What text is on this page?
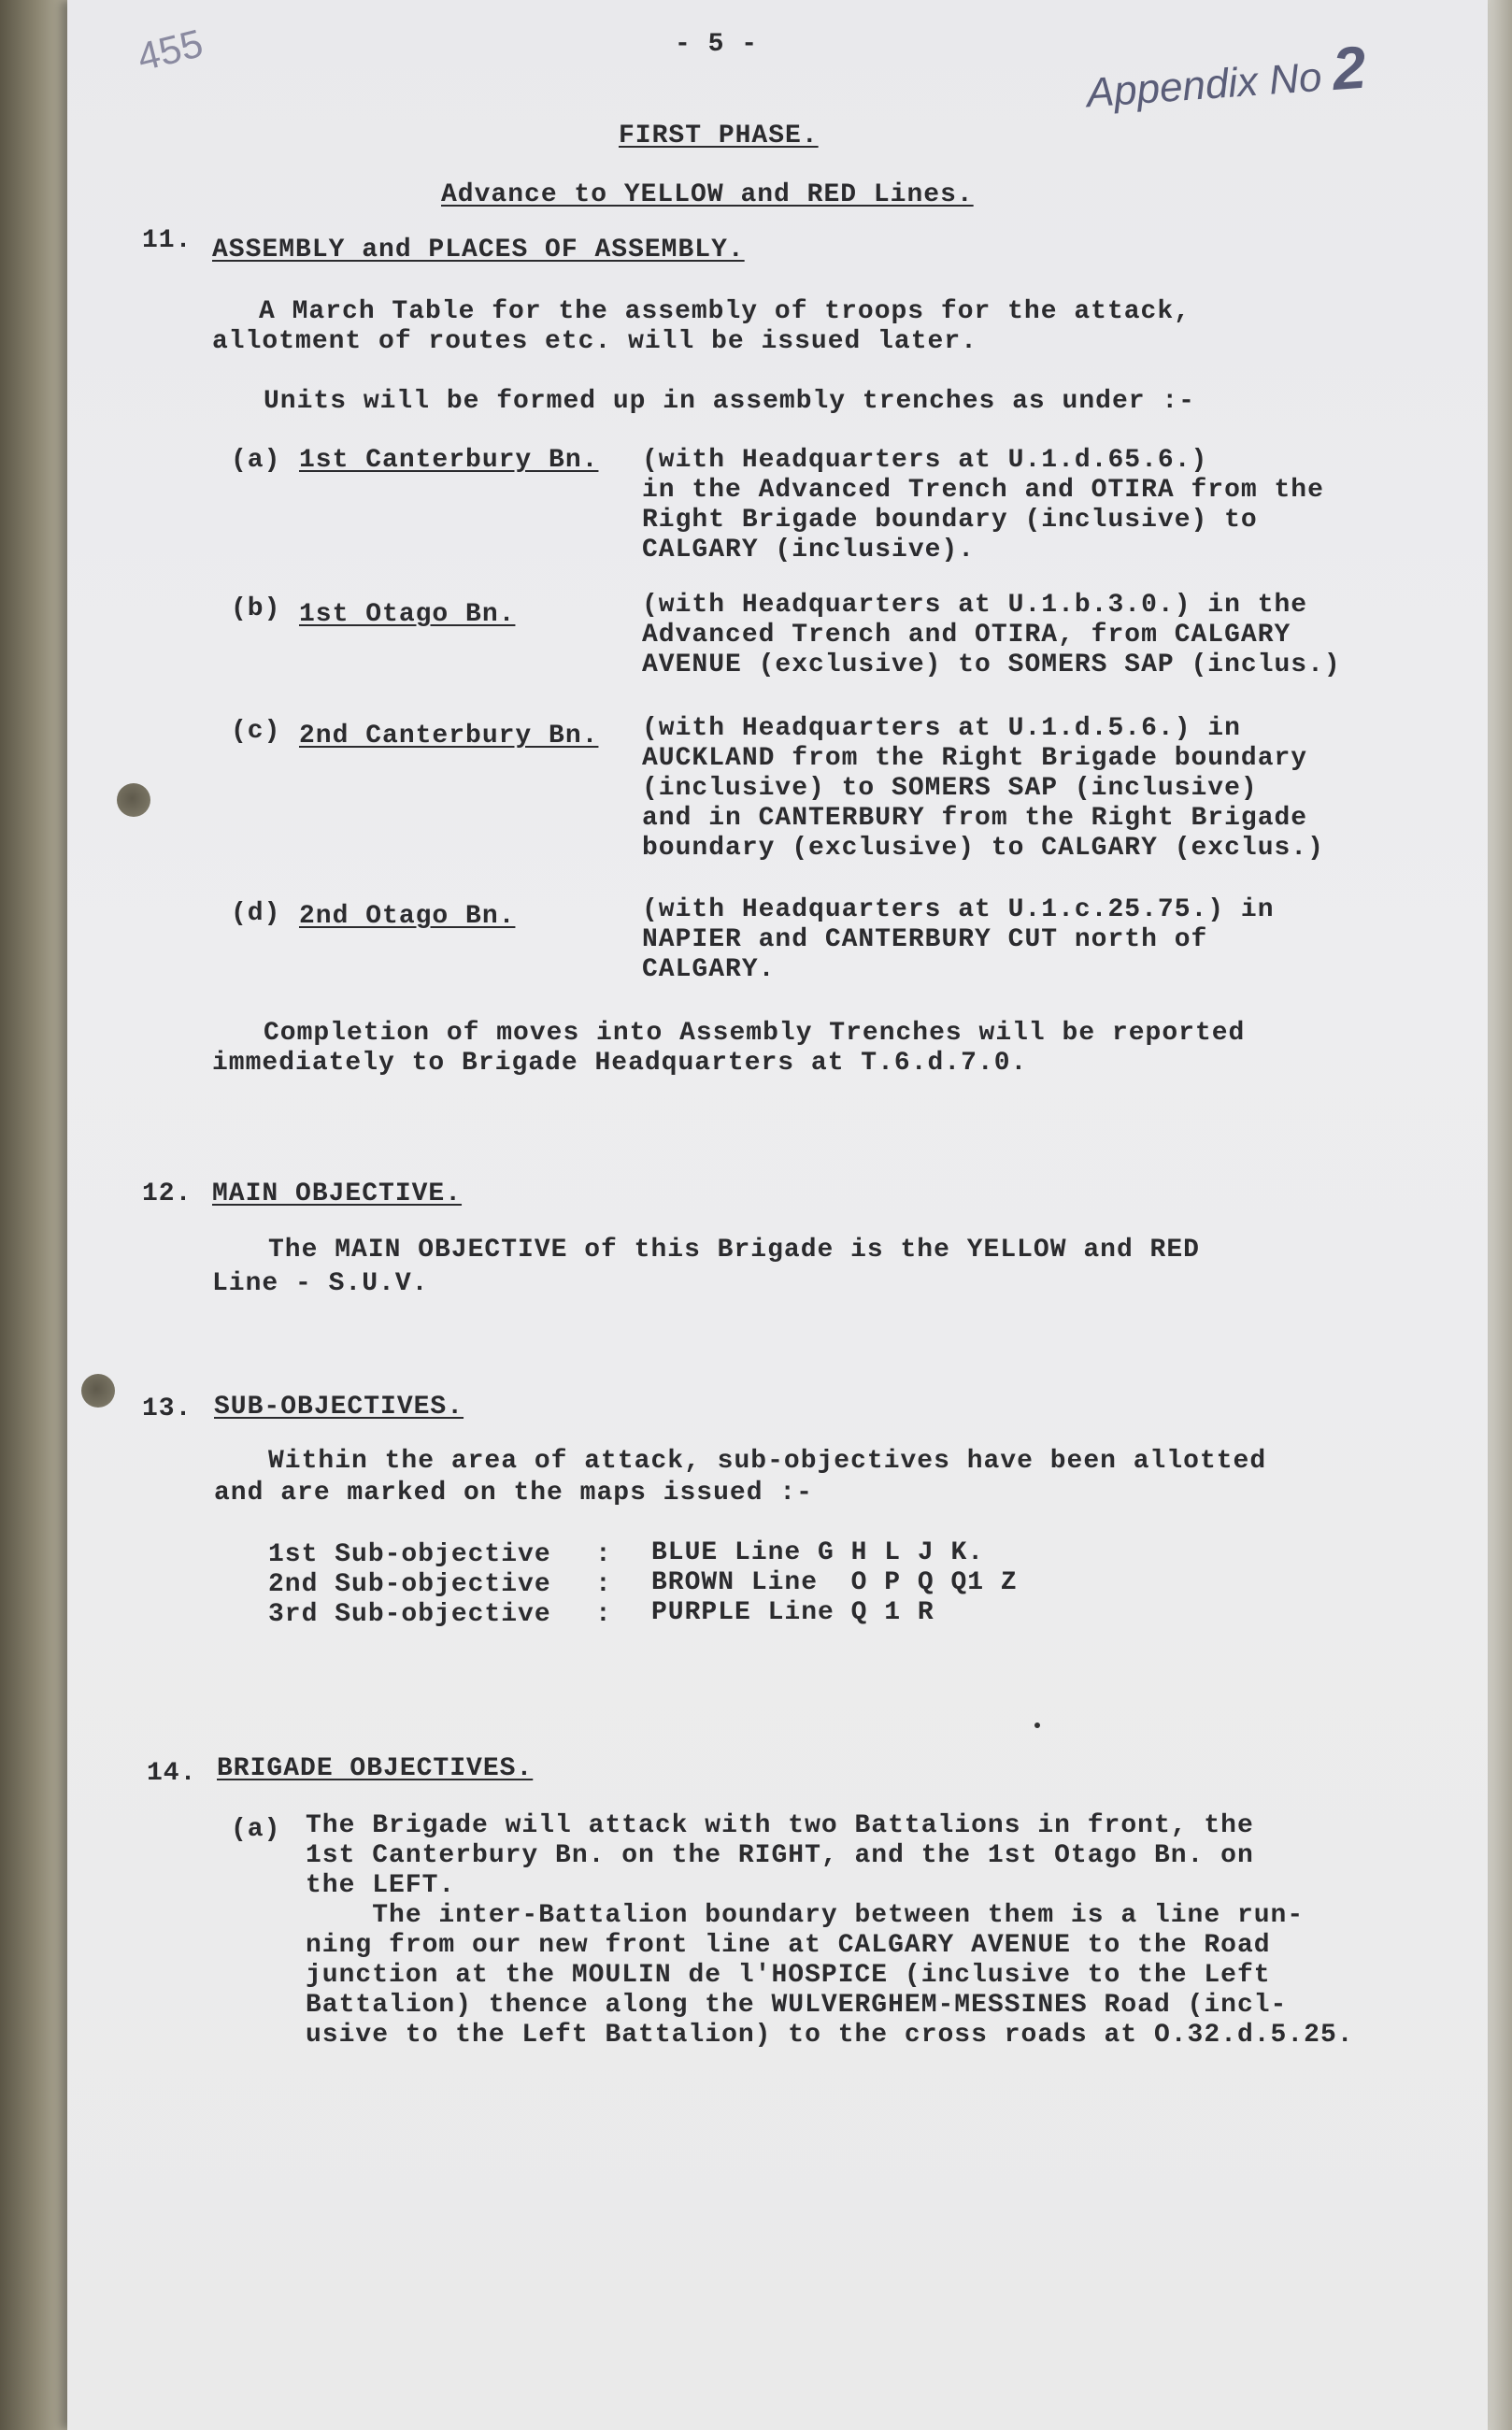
455	- 5 -
Appendix No 2
FIRST PHASE.
Advance to YELLOW and RED Lines.
11. ASSEMBLY and PLACES OF ASSEMBLY.
A March Table for the assembly of troops for the attack,
allotment of routes etc. will be issued later.
Units will be formed up in assembly trenches as under :-
(a) 1st Canterbury Bn. (with Headquarters at U.1.d.65.6.)
in the Advanced Trench and OTIRA from the
Right Brigade boundary (inclusive) to
CALGARY (inclusive).
(b) 1st Otago Bn.	(with Headquarters at U.1.b.3.0.) in the
Advanced Trench and OTIRA, from CALGARY
AVENUE (exclusive) to SOMERS SAP (inclus.)
(c) 2nd Canterbury Bn. (with Headquarters at U.1.d.5.6.) in
AUCKLAND from the Right Brigade boundary
(inclusive) to SOMERS SAP (inclusive)
and in CANTERBURY from the Right Brigade
boundary (exclusive) to CALGARY (exclus.)
(d) 2nd Otago Bn.	(with Headquarters at U.1.c.25.75.) in
NAPIER and CANTERBURY CUT north of
CALGARY.
Completion of moves into Assembly Trenches will be reported
immediately to Brigade Headquarters at T.6.d.7.0.
12. MAIN OBJECTIVE.
The MAIN OBJECTIVE of this Brigade is the YELLOW and RED
Line - S.U.V.
13. SUB-OBJECTIVES.
Within the area of attack, sub-objectives have been allotted
and are marked on the maps issued :-
1st Sub-objective : BLUE Line G H L J K.
2nd Sub-objective : BROWN Line  O P Q Q1 Z
3rd Sub-objective : PURPLE Line Q 1 R
14. BRIGADE OBJECTIVES.
(a) The Brigade will attack with two Battalions in front, the
1st Canterbury Bn. on the RIGHT, and the 1st Otago Bn. on
the LEFT.
The inter-Battalion boundary between them is a line run-
ning from our new front line at CALGARY AVENUE to the Road
junction at the MOULIN de l'HOSPICE (inclusive to the Left
Battalion) thence along the WULVERGHEM-MESSINES Road (incl-
usive to the Left Battalion) to the cross roads at O.32.d.5.25.
